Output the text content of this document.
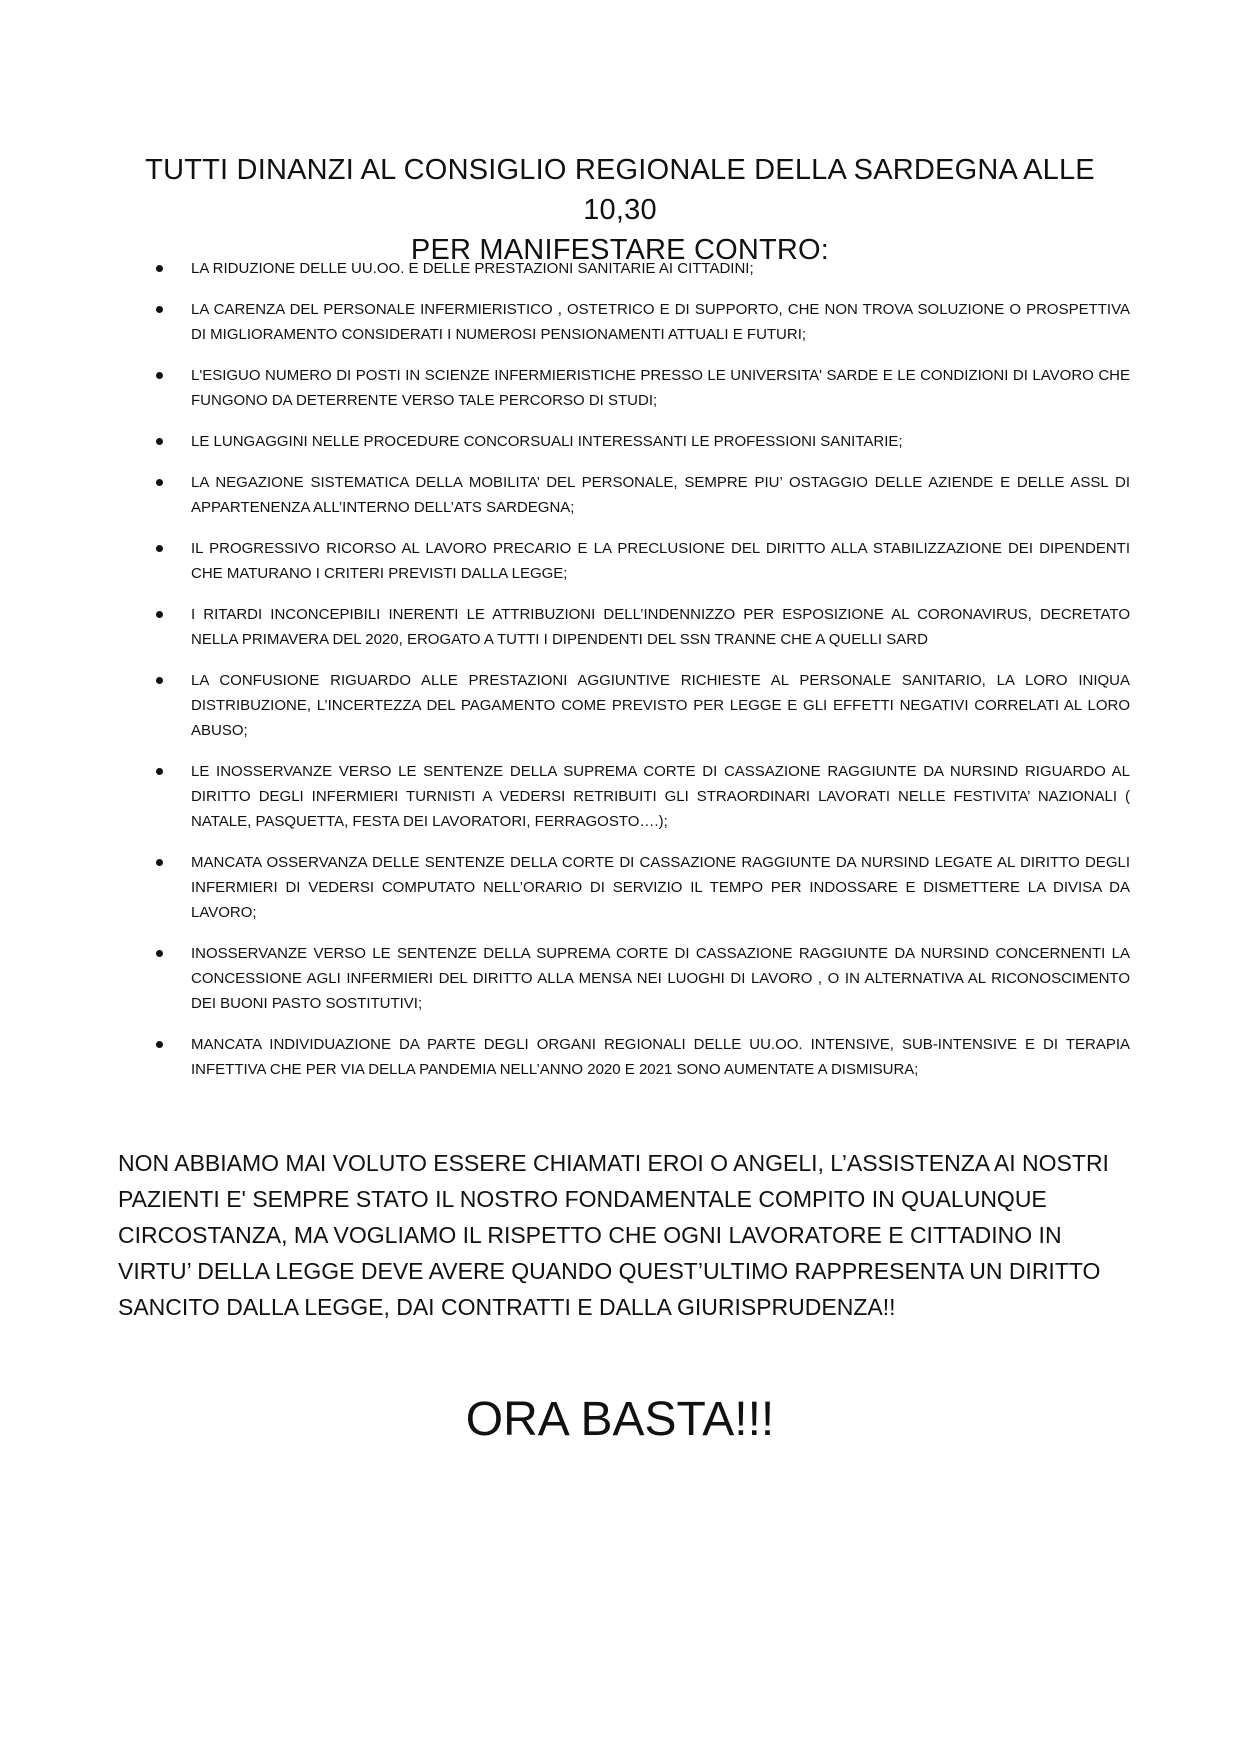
TUTTI DINANZI AL CONSIGLIO REGIONALE DELLA SARDEGNA ALLE 10,30
PER MANIFESTARE CONTRO:
LA RIDUZIONE DELLE UU.OO. E DELLE PRESTAZIONI SANITARIE AI CITTADINI;
LA CARENZA DEL PERSONALE INFERMIERISTICO , OSTETRICO E DI SUPPORTO, CHE NON TROVA SOLUZIONE O PROSPETTIVA DI MIGLIORAMENTO CONSIDERATI I NUMEROSI PENSIONAMENTI ATTUALI E FUTURI;
L'ESIGUO NUMERO DI POSTI IN SCIENZE INFERMIERISTICHE PRESSO LE UNIVERSITA' SARDE E LE CONDIZIONI DI LAVORO CHE FUNGONO DA DETERRENTE VERSO TALE PERCORSO DI STUDI;
LE LUNGAGGINI NELLE PROCEDURE CONCORSUALI INTERESSANTI LE PROFESSIONI SANITARIE;
LA NEGAZIONE SISTEMATICA DELLA MOBILITA’ DEL PERSONALE, SEMPRE PIU’ OSTAGGIO DELLE AZIENDE E DELLE ASSL DI APPARTENENZA ALL’INTERNO DELL’ATS SARDEGNA;
IL PROGRESSIVO RICORSO AL LAVORO PRECARIO E LA PRECLUSIONE DEL DIRITTO ALLA STABILIZZAZIONE DEI DIPENDENTI CHE MATURANO I CRITERI PREVISTI DALLA LEGGE;
I RITARDI INCONCEPIBILI INERENTI LE ATTRIBUZIONI DELL’INDENNIZZO PER ESPOSIZIONE AL CORONAVIRUS, DECRETATO NELLA PRIMAVERA DEL 2020, EROGATO A TUTTI I DIPENDENTI DEL SSN TRANNE CHE A QUELLI SARD
LA CONFUSIONE RIGUARDO ALLE PRESTAZIONI AGGIUNTIVE RICHIESTE AL PERSONALE SANITARIO, LA LORO INIQUA DISTRIBUZIONE, L’INCERTEZZA DEL PAGAMENTO COME PREVISTO PER LEGGE E GLI EFFETTI NEGATIVI CORRELATI AL LORO ABUSO;
LE INOSSERVANZE VERSO LE SENTENZE DELLA SUPREMA CORTE DI CASSAZIONE RAGGIUNTE DA NURSIND RIGUARDO AL DIRITTO DEGLI INFERMIERI TURNISTI A VEDERSI RETRIBUITI GLI STRAORDINARI LAVORATI NELLE FESTIVITA’ NAZIONALI ( NATALE, PASQUETTA, FESTA DEI LAVORATORI, FERRAGOSTO….);
MANCATA OSSERVANZA DELLE SENTENZE DELLA CORTE DI CASSAZIONE RAGGIUNTE DA NURSIND LEGATE AL DIRITTO DEGLI INFERMIERI DI VEDERSI COMPUTATO NELL’ORARIO DI SERVIZIO IL TEMPO PER INDOSSARE E DISMETTERE LA DIVISA DA LAVORO;
INOSSERVANZE VERSO LE SENTENZE DELLA SUPREMA CORTE DI CASSAZIONE RAGGIUNTE DA NURSIND CONCERNENTI LA CONCESSIONE AGLI INFERMIERI DEL DIRITTO ALLA MENSA NEI LUOGHI DI LAVORO , O IN ALTERNATIVA AL RICONOSCIMENTO DEI BUONI PASTO SOSTITUTIVI;
MANCATA INDIVIDUAZIONE DA PARTE DEGLI ORGANI REGIONALI DELLE UU.OO. INTENSIVE, SUB-INTENSIVE E DI TERAPIA INFETTIVA CHE PER VIA DELLA PANDEMIA NELL’ANNO 2020 E 2021 SONO AUMENTATE A DISMISURA;

NON ABBIAMO MAI VOLUTO ESSERE CHIAMATI EROI O ANGELI, L’ASSISTENZA AI NOSTRI
PAZIENTI E' SEMPRE STATO IL NOSTRO FONDAMENTALE COMPITO IN QUALUNQUE
CIRCOSTANZA, MA VOGLIAMO IL RISPETTO CHE OGNI LAVORATORE E CITTADINO IN
VIRTU’ DELLA LEGGE DEVE AVERE QUANDO QUEST’ULTIMO RAPPRESENTA UN DIRITTO
SANCITO DALLA LEGGE, DAI CONTRATTI E DALLA GIURISPRUDENZA!!

ORA BASTA!!!
